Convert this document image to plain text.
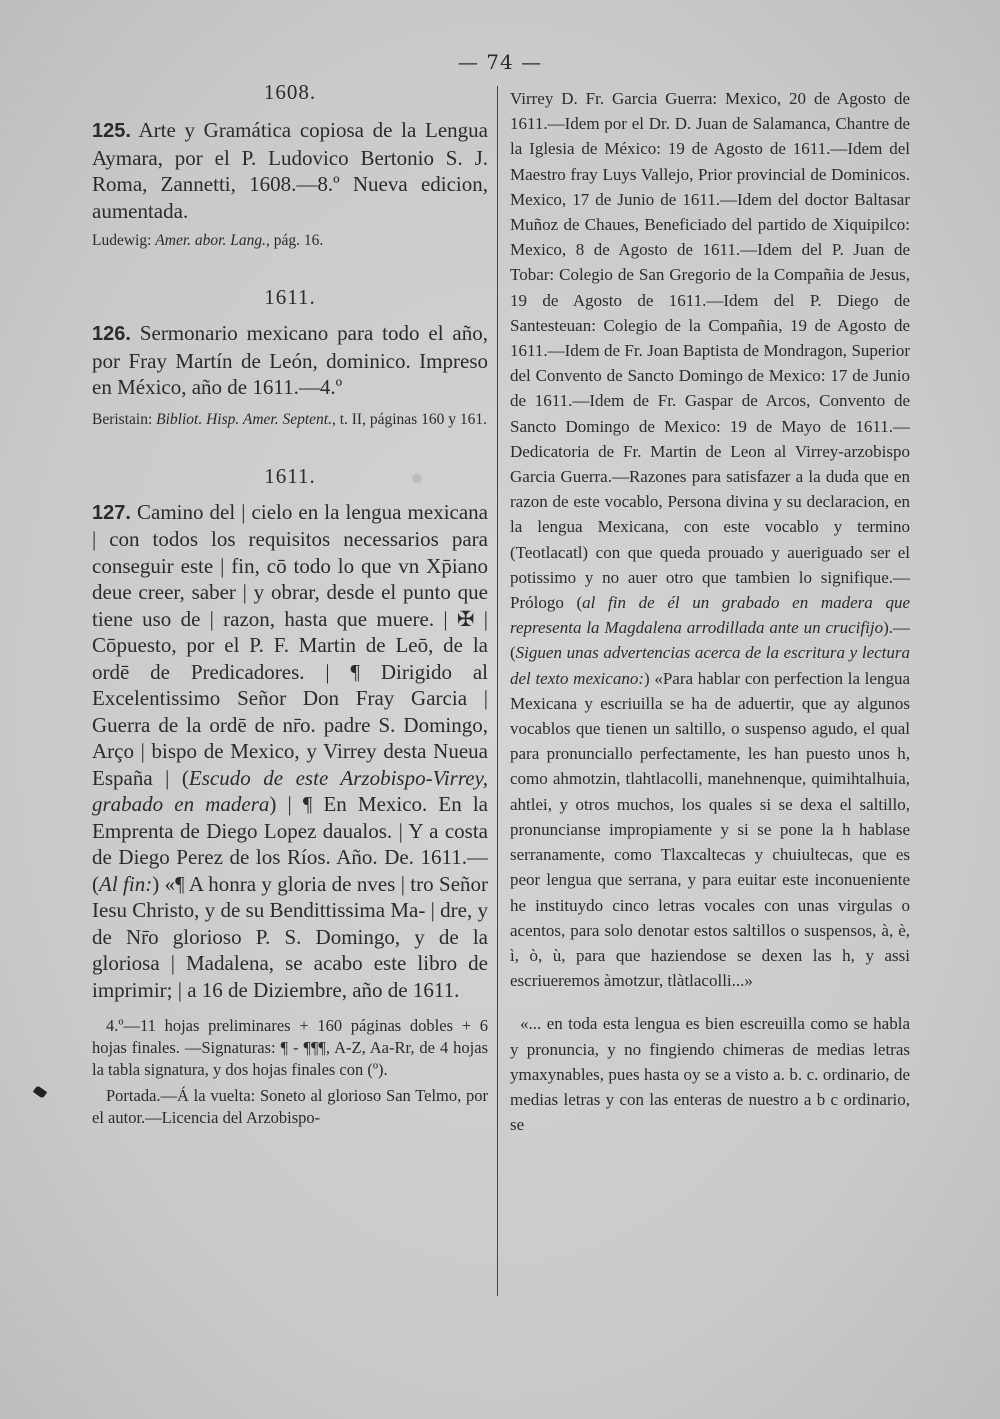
— 74 —

1608.

125. Arte y Gramática copiosa de la Lengua Aymara, por el P. Ludovico Bertonio S. J. Roma, Zannetti, 1608.—8.º Nueva edicion, aumentada.

Ludewig: Amer. abor. Lang., pág. 16.

1611.

126. Sermonario mexicano para todo el año, por Fray Martín de León, dominico. Impreso en México, año de 1611.—4.º

Beristain: Bibliot. Hisp. Amer. Septent., t. II, páginas 160 y 161.

1611.

127. Camino del | cielo en la lengua mexicana | con todos los requisitos necessarios para conseguir este | fin, cō todo lo que vn Xp̄iano deue creer, saber | y obrar, desde el punto que tiene uso de | razon, hasta que muere. | ✠ | Cōpuesto, por el P. F. Martin de Leō, de la ordē de Predicadores. | ¶ Dirigido al Excelentissimo Señor Don Fray Garcia | Guerra de la ordē de nr̄o. padre S. Domingo, Arço | bispo de Mexico, y Virrey desta Nueua España | (Escudo de este Arzobispo-Virrey, grabado en madera) | ¶ En Mexico. En la Emprenta de Diego Lopez daualos. | Y a costa de Diego Perez de los Ríos. Año. De. 1611.—(Al fin:) «¶ A honra y gloria de nves | tro Señor Iesu Christo, y de su Bendittissima Ma- | dre, y de Nr̄o glorioso P. S. Domingo, y de la gloriosa | Madalena, se acabo este libro de imprimir; | a 16 de Diziembre, año de 1611.

4.º—11 hojas preliminares + 160 páginas dobles + 6 hojas finales. —Signaturas: ¶ - ¶¶¶, A-Z, Aa-Rr, de 4 hojas la tabla signatura, y dos hojas finales con (º).

Portada.—Á la vuelta: Soneto al glorioso San Telmo, por el autor.—Licencia del Arzobispo-

Virrey D. Fr. Garcia Guerra: Mexico, 20 de Agosto de 1611.—Idem por el Dr. D. Juan de Salamanca, Chantre de la Iglesia de México: 19 de Agosto de 1611.—Idem del Maestro fray Luys Vallejo, Prior provincial de Dominicos. Mexico, 17 de Junio de 1611.—Idem del doctor Baltasar Muñoz de Chaues, Beneficiado del partido de Xiquipilco: Mexico, 8 de Agosto de 1611.—Idem del P. Juan de Tobar: Colegio de San Gregorio de la Compañia de Jesus, 19 de Agosto de 1611.—Idem del P. Diego de Santesteuan: Colegio de la Compañia, 19 de Agosto de 1611.—Idem de Fr. Joan Baptista de Mondragon, Superior del Convento de Sancto Domingo de Mexico: 17 de Junio de 1611.—Idem de Fr. Gaspar de Arcos, Convento de Sancto Domingo de Mexico: 19 de Mayo de 1611.—Dedicatoria de Fr. Martin de Leon al Virrey-arzobispo Garcia Guerra.—Razones para satisfazer a la duda que en razon de este vocablo, Persona divina y su declaracion, en la lengua Mexicana, con este vocablo y termino (Teotlacatl) con que queda prouado y aueriguado ser el potissimo y no auer otro que tambien lo signifique.—Prólogo (al fin de él un grabado en madera que representa la Magdalena arrodillada ante un crucifijo).—(Siguen unas advertencias acerca de la escritura y lectura del texto mexicano:) «Para hablar con perfection la lengua Mexicana y escriuilla se ha de aduertir, que ay algunos vocablos que tienen un saltillo, o suspenso agudo, el qual para pronunciallo perfectamente, les han puesto unos h, como ahmotzin, tlahtlacolli, manehnenque, quimihtalhuia, ahtlei, y otros muchos, los quales si se dexa el saltillo, pronuncianse impropiamente y si se pone la h hablase serranamente, como Tlaxcaltecas y chuiultecas, que es peor lengua que serrana, y para euitar este inconueniente he instituydo cinco letras vocales con unas virgulas o acentos, para solo denotar estos saltillos o suspensos, à, è, ì, ò, ù, para que haziendose se dexen las h, y assi escriueremos àmotzur, tlàtlacolli...»

«... en toda esta lengua es bien escreuilla como se habla y pronuncia, y no fingiendo chimeras de medias letras ymaxynables, pues hasta oy se a visto a. b. c. ordinario, de medias letras y con las enteras de nuestro a b c ordinario, se
